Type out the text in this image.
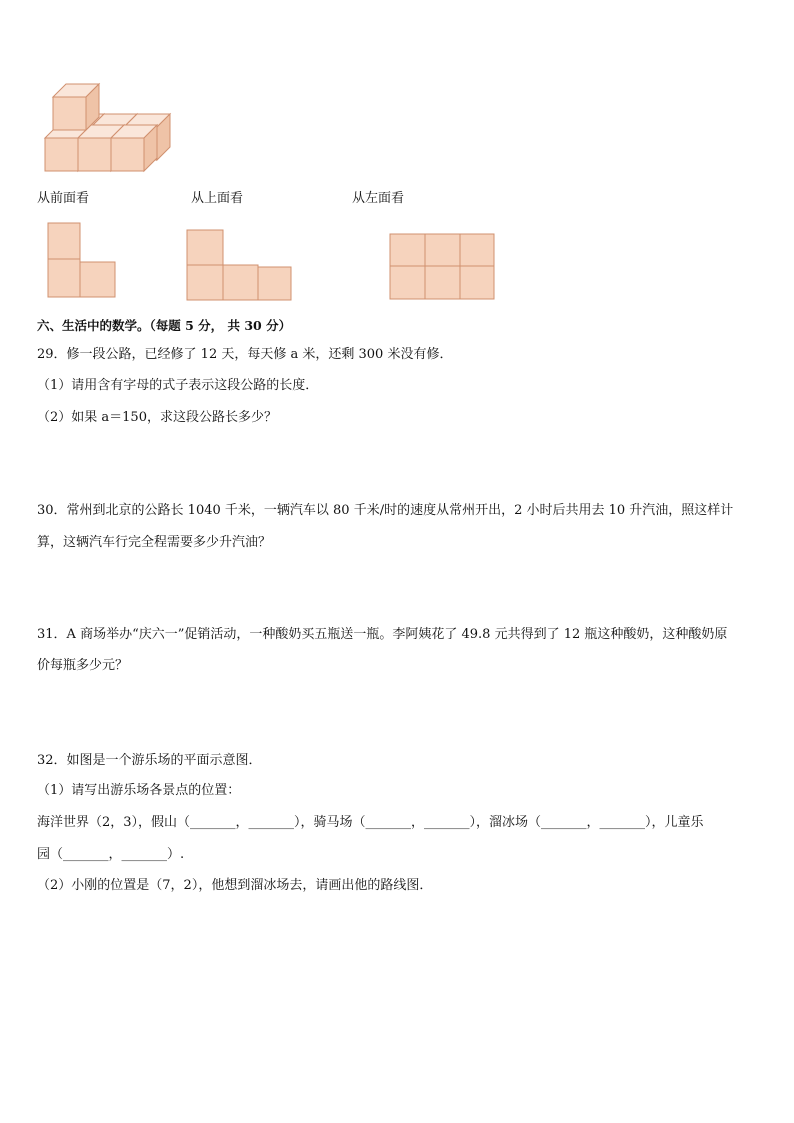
从前面看	从上面看	从左面看
六、生活中的数学。（每题 5 分， 共 30 分）
29．修一段公路，已经修了 12 天，每天修 a 米，还剩 300 米没有修．
（1）请用含有字母的式子表示这段公路的长度．
（2）如果 a＝150，求这段公路长多少？
30．常州到北京的公路长 1040 千米，一辆汽车以 80 千米/时的速度从常州开出，2 小时后共用去 10 升汽油，照这样计
算，这辆汽车行完全程需要多少升汽油？
31．A 商场举办“庆六一”促销活动，一种酸奶买五瓶送一瓶。李阿姨花了 49.8 元共得到了 12 瓶这种酸奶，这种酸奶原
价每瓶多少元？
32．如图是一个游乐场的平面示意图．
（1）请写出游乐场各景点的位置：
海洋世界（2，3），假山（_______，_______），骑马场（_______，_______），溜冰场（_______，_______），儿童乐
园（_______，_______）.
（2）小刚的位置是（7，2），他想到溜冰场去，请画出他的路线图．
